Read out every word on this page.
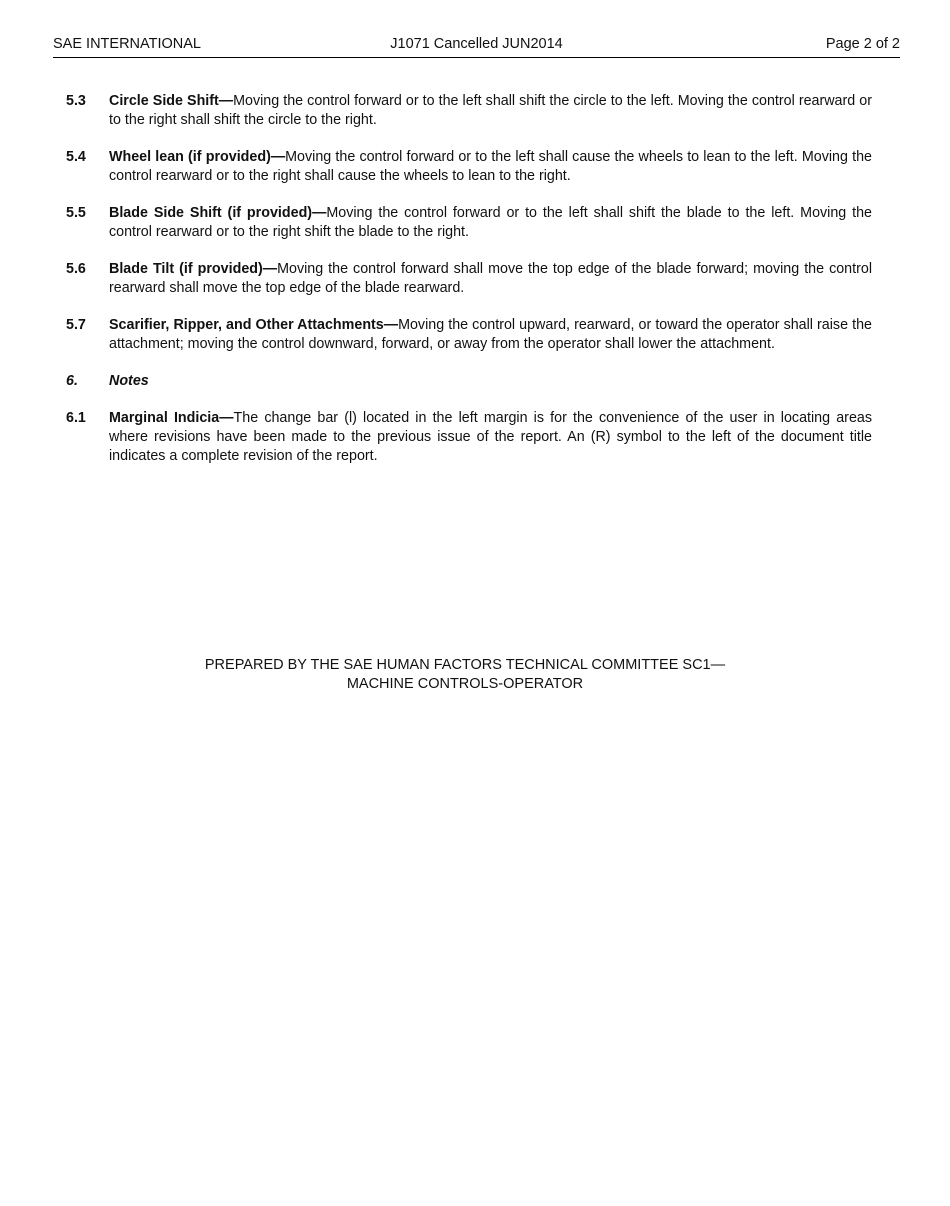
SAE INTERNATIONAL	J1071 Cancelled JUN2014	Page 2 of 2
5.3 Circle Side Shift—Moving the control forward or to the left shall shift the circle to the left. Moving the control rearward or to the right shall shift the circle to the right.
5.4 Wheel lean (if provided)—Moving the control forward or to the left shall cause the wheels to lean to the left. Moving the control rearward or to the right shall cause the wheels to lean to the right.
5.5 Blade Side Shift (if provided)—Moving the control forward or to the left shall shift the blade to the left. Moving the control rearward or to the right shift the blade to the right.
5.6 Blade Tilt (if provided)—Moving the control forward shall move the top edge of the blade forward; moving the control rearward shall move the top edge of the blade rearward.
5.7 Scarifier, Ripper, and Other Attachments—Moving the control upward, rearward, or toward the operator shall raise the attachment; moving the control downward, forward, or away from the operator shall lower the attachment.
6. Notes
6.1 Marginal Indicia—The change bar (l) located in the left margin is for the convenience of the user in locating areas where revisions have been made to the previous issue of the report. An (R) symbol to the left of the document title indicates a complete revision of the report.
PREPARED BY THE SAE HUMAN FACTORS TECHNICAL COMMITTEE SC1—
MACHINE CONTROLS-OPERATOR
